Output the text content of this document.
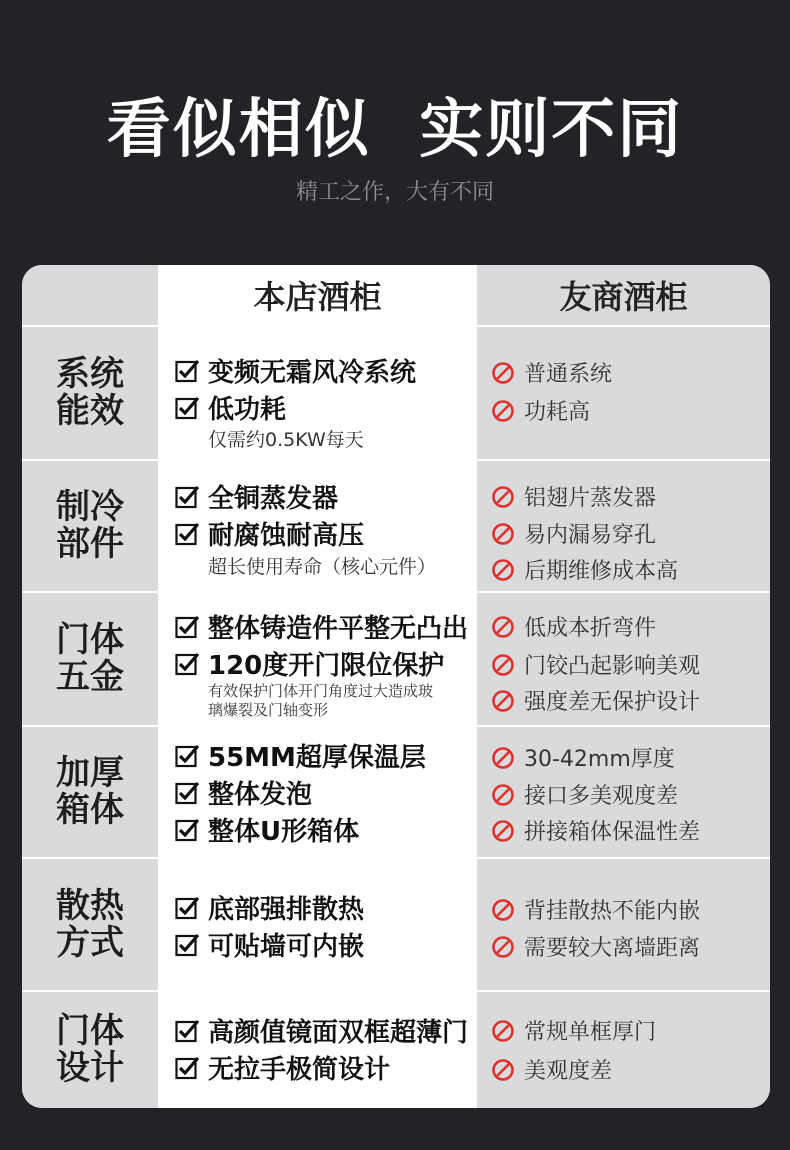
看似相似  实则不同
精工之作，大有不同
本店酒柜	友商酒柜
系统
能效
变频无霜风冷系统
低功耗
仅需约0.5KW每天
普通系统
功耗高
制冷
部件
全铜蒸发器
耐腐蚀耐高压
超长使用寿命（核心元件）
铝翅片蒸发器
易内漏易穿孔
后期维修成本高
门体
五金
整体铸造件平整无凸出
120度开门限位保护
有效保护门体开门角度过大造成玻
璃爆裂及门轴变形
低成本折弯件
门铰凸起影响美观
强度差无保护设计
加厚
箱体
55MM超厚保温层
整体发泡
整体U形箱体
30-42mm厚度
接口多美观度差
拼接箱体保温性差
散热
方式
底部强排散热
可贴墙可内嵌
背挂散热不能内嵌
需要较大离墙距离
门体
设计
高颜值镜面双框超薄门
无拉手极简设计
常规单框厚门
美观度差
